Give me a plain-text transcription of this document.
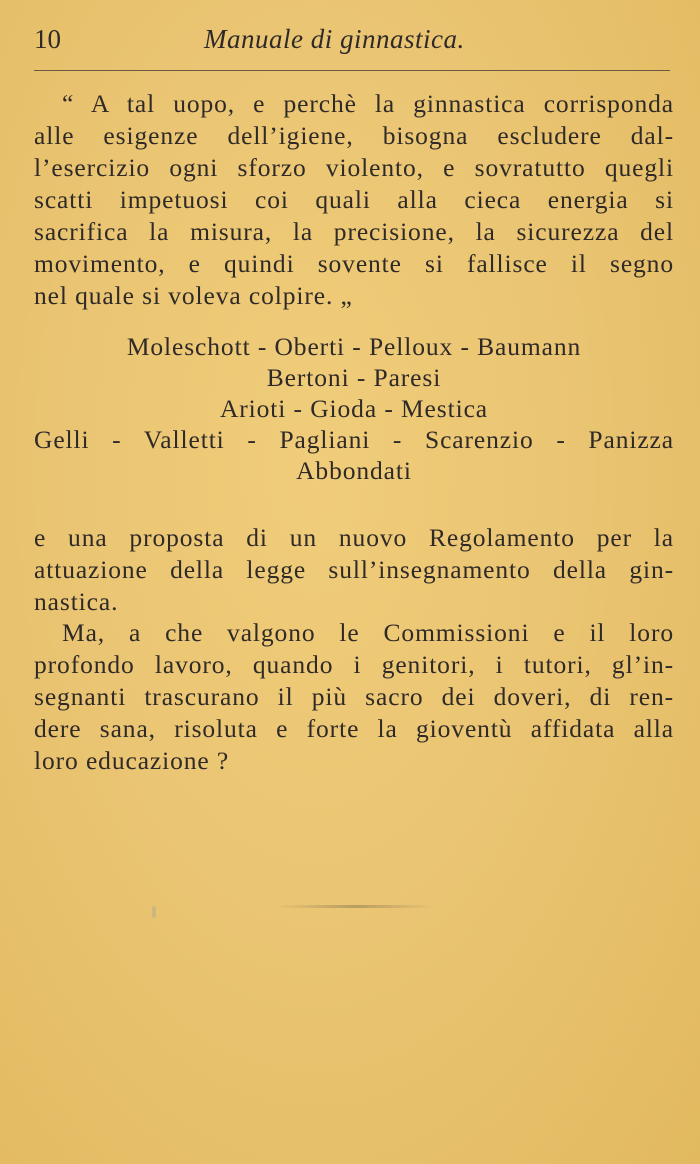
10	Manuale di ginnastica.
“ A tal uopo, e perchè la ginnastica corrisponda
alle esigenze dell’igiene, bisogna escludere dal-
l’esercizio ogni sforzo violento, e sovratutto quegli
scatti impetuosi coi quali alla cieca energia si
sacrifica la misura, la precisione, la sicurezza del
movimento, e quindi sovente si fallisce il segno
nel quale si voleva colpire. „
Moleschott - Oberti - Pelloux - Baumann
Bertoni - Paresi
Arioti - Gioda - Mestica
Gelli - Valletti - Pagliani - Scarenzio - Panizza
Abbondati
e una proposta di un nuovo Regolamento per la
attuazione della legge sull’insegnamento della gin-
nastica.
Ma, a che valgono le Commissioni e il loro
profondo lavoro, quando i genitori, i tutori, gl’in-
segnanti trascurano il più sacro dei doveri, di ren-
dere sana, risoluta e forte la gioventù affidata alla
loro educazione ?
